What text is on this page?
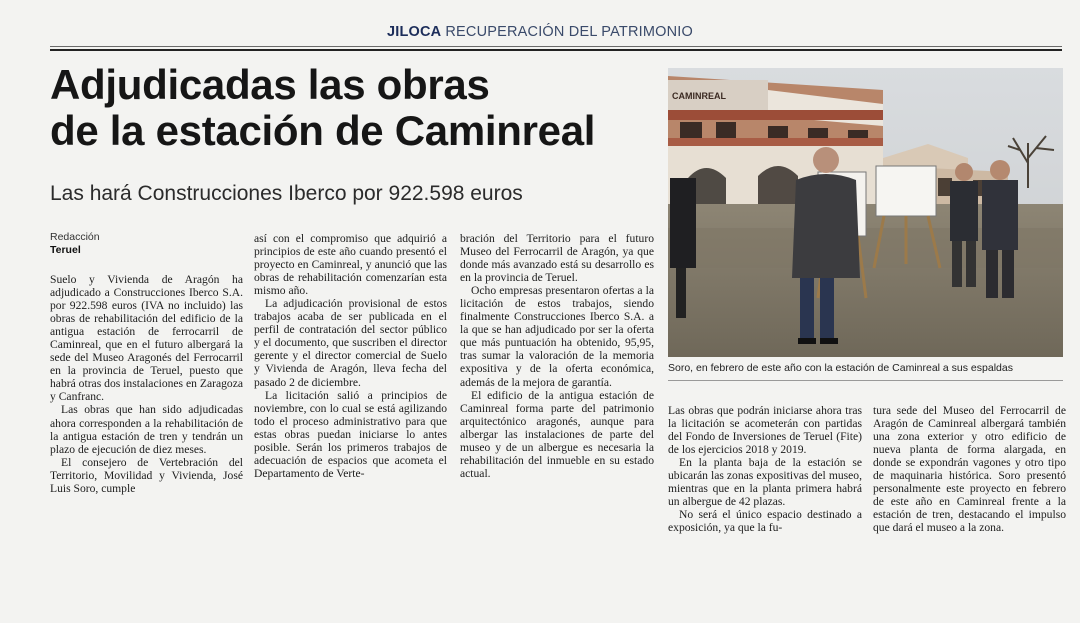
JILOCA RECUPERACIÓN DEL PATRIMONIO
Adjudicadas las obras
de la estación de Caminreal
Las hará Construcciones Iberco por 922.598 euros
Redacción
Teruel

Suelo y Vivienda de Aragón ha adjudicado a Construcciones Iberco S.A. por 922.598 euros (IVA no incluido) las obras de rehabilitación del edificio de la antigua estación de ferrocarril de Caminreal, que en el futuro albergará la sede del Museo Aragonés del Ferrocarril en la provincia de Teruel, puesto que habrá otras dos instalaciones en Zaragoza y Canfranc.

Las obras que han sido adjudicadas ahora corresponden a la rehabilitación de la antigua estación de tren y tendrán un plazo de ejecución de diez meses.

El consejero de Vertebración del Territorio, Movilidad y Vivienda, José Luis Soro, cumple

así con el compromiso que adquirió a principios de este año cuando presentó el proyecto en Caminreal, y anunció que las obras de rehabilitación comenzarían esta mismo año.

La adjudicación provisional de estos trabajos acaba de ser publicada en el perfil de contratación del sector público y el documento, que suscriben el director gerente y el director comercial de Suelo y Vivienda de Aragón, lleva fecha del pasado 2 de diciembre.

La licitación salió a principios de noviembre, con lo cual se está agilizando todo el proceso administrativo para que estas obras puedan iniciarse lo antes posible. Serán los primeros trabajos de adecuación de espacios que acometa el Departamento de Verte-

bración del Territorio para el futuro Museo del Ferrocarril de Aragón, ya que donde más avanzado está su desarrollo es en la provincia de Teruel.

Ocho empresas presentaron ofertas a la licitación de estos trabajos, siendo finalmente Construcciones Iberco S.A. a la que se han adjudicado por ser la oferta que más puntuación ha obtenido, 95,95, tras sumar la valoración de la memoria expositiva y de la oferta económica, además de la mejora de garantía.

El edificio de la antigua estación de Caminreal forma parte del patrimonio arquitectónico aragonés, aunque para albergar las instalaciones de parte del museo y de un albergue es necesaria la rehabilitación del inmueble en su estado actual.

CAMINREAL
Soro, en febrero de este año con la estación de Caminreal a sus espaldas

Las obras que podrán iniciarse ahora tras la licitación se acometerán con partidas del Fondo de Inversiones de Teruel (Fite) de los ejercicios 2018 y 2019.

En la planta baja de la estación se ubicarán las zonas expositivas del museo, mientras que en la planta primera habrá un albergue de 42 plazas.

No será el único espacio destinado a exposición, ya que la fu-

tura sede del Museo del Ferrocarril de Aragón de Caminreal albergará también una zona exterior y otro edificio de nueva planta de forma alargada, en donde se expondrán vagones y otro tipo de maquinaria histórica. Soro presentó personalmente este proyecto en febrero de este año en Caminreal frente a la estación de tren, destacando el impulso que dará el museo a la zona.
